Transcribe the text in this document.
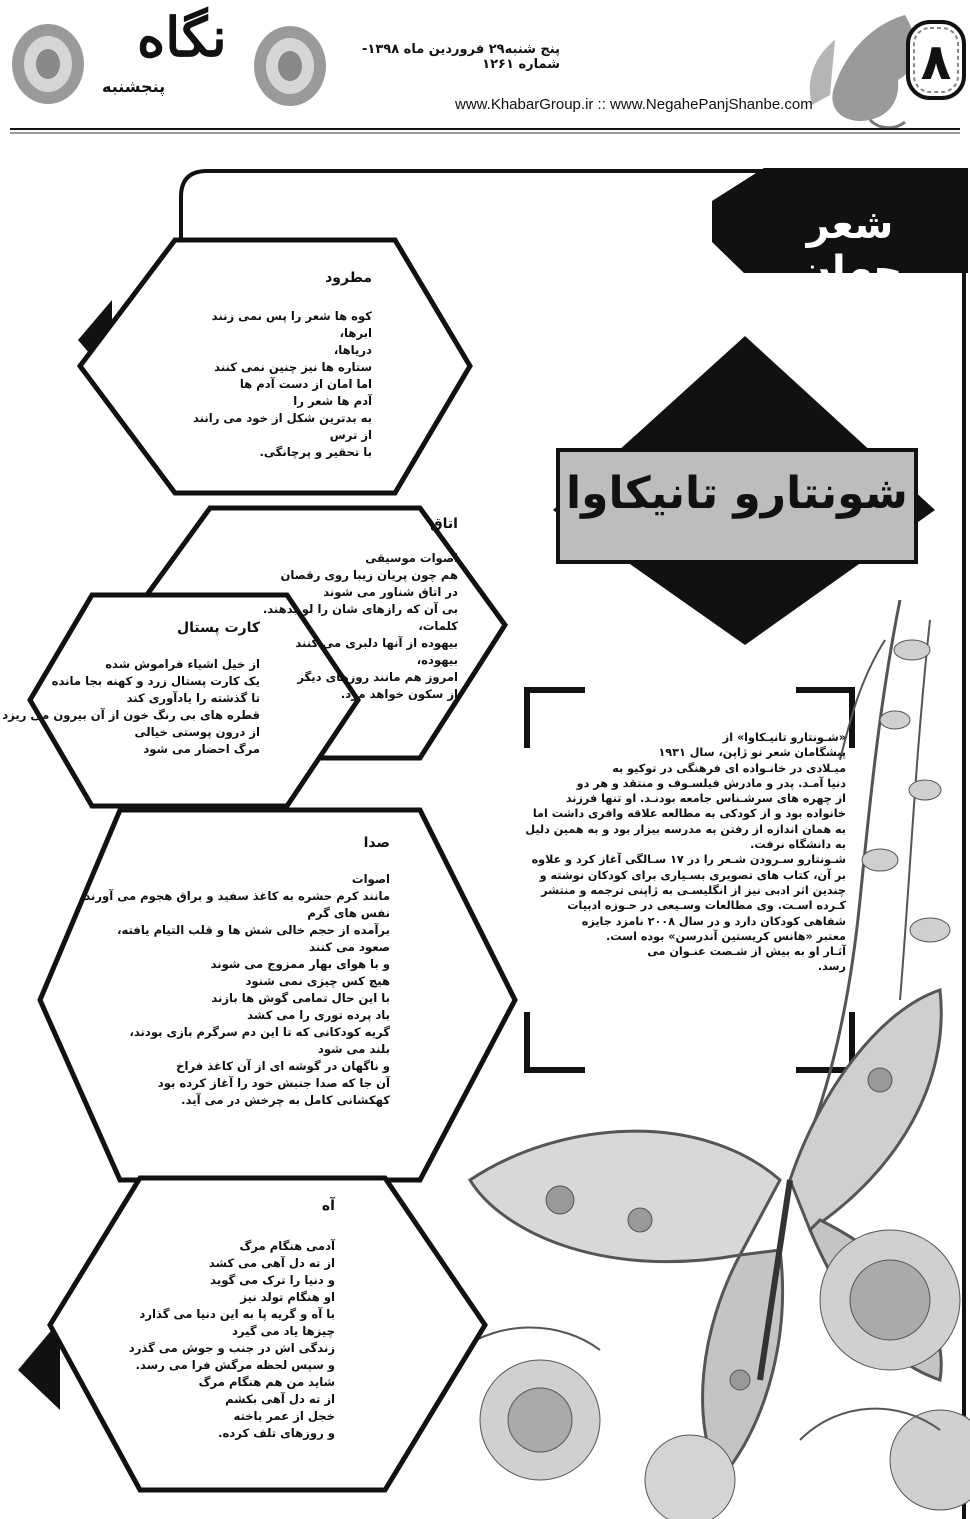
نگاه
پنجشنبه
پنج شنبه۲۹ فروردین ماه ۱۳۹۸- شماره ۱۲۶۱
www.KhabarGroup.ir :: www.NegahePanjShanbe.com
۸
شعر جهان
شونتارو تانیکاوا
«شـونتارو تانیـکاوا» از
پیشگامان شعر نو ژاپن، سال ۱۹۳۱
میـلادی در خانـواده ای فرهنگی در توکیو به
دنیا آمـد. پدر و مادرش فیلسـوف و منتقد و هر دو
از چهره های سرشـناس جامعه بودنـد. او تنها فرزند
خانواده بود و از کودکی به مطالعه علاقه وافری داشت اما
به همان اندازه از رفتن به مدرسه بیزار بود و به همین دلیل
به دانشگاه نرفت.
شـونتارو سـرودن شـعر را در ۱۷ سـالگی آغاز کرد و علاوه
بر آن، کتاب های تصویری بسـیاری برای کودکان نوشته و
چندین اثر ادبی نیز از انگلیسـی به ژاپنی ترجمه و منتشر
کـرده اسـت. وی مطالعات وسـیعی در حـوزه ادبیات
شفاهی کودکان دارد و در سال ۲۰۰۸ نامزد جایزه
معتبر «هانس کریستین آندرسن» بوده است.
آثـار او به بیش از شـصت عنـوان می
رسد.
مطرود
کوه ها شعر را پس نمی زنند
ابرها،
دریاها،
ستاره ها نیز چنین نمی کنند
اما امان از دست آدم ها
آدم ها شعر را
به بدترین شکل از خود می رانند
از ترس
با تحقیر و پرچانگی.
اتاق
اصوات موسیقی
هم چون پریان زیبا روی رقصان
در اتاق شناور می شوند
بی آن که رازهای شان را لو بدهند.
کلمات،
بیهوده از آنها دلبری می کنند
بیهوده،
امروز هم مانند روزهای دیگر
از سکون خواهد مرد.
کارت پستال
از خیل اشیاء فراموش شده
یک کارت پستال زرد و کهنه بجا مانده
تا گذشته را یادآوری کند
قطره های بی رنگ خون از آن بیرون می ریزد
از درون پوستی خیالی
مرگ احضار می شود
صدا
اصوات
مانند کرم حشره به کاغذ سفید و براق هجوم می آورند
نفس های گرم
برآمده از حجم خالی شش ها و قلب التیام یافته،
صعود می کنند
و با هوای بهار ممزوج می شوند
هیچ کس چیزی نمی شنود
با این حال تمامی گوش ها بازند
باد پرده توری را می کشد
گریه کودکانی که تا این دم سرگرم بازی بودند،
بلند می شود
و ناگهان در گوشه ای از آن کاغذ فراخ
آن جا که صدا جنبش خود را آغاز کرده بود
کهکشانی کامل به چرخش در می آید.
آه
آدمی هنگام مرگ
از ته دل آهی می کشد
و دنیا را ترک می گوید
او هنگام تولد نیز
با آه و گریه پا به این دنیا می گذارد
چیزها یاد می گیرد
زندگی اش در جنب و جوش می گذرد
و سپس لحظه مرگش فرا می رسد.
شاید من هم هنگام مرگ
از ته دل آهی بکشم
خجل از عمر باخته
و روزهای تلف کرده.
